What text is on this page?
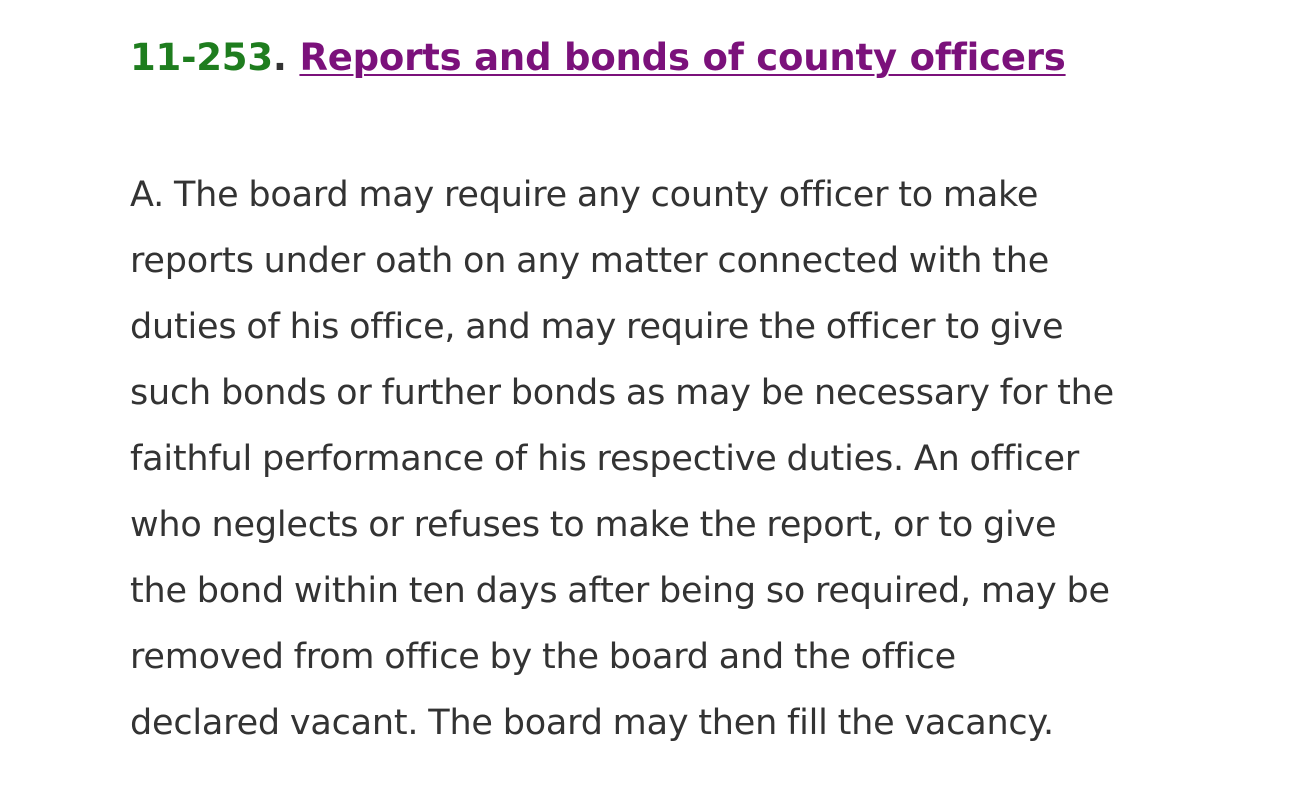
11-253. Reports and bonds of county officers
A. The board may require any county officer to make
reports under oath on any matter connected with the
duties of his office, and may require the officer to give
such bonds or further bonds as may be necessary for the
faithful performance of his respective duties. An officer
who neglects or refuses to make the report, or to give
the bond within ten days after being so required, may be
removed from office by the board and the office
declared vacant. The board may then fill the vacancy.
